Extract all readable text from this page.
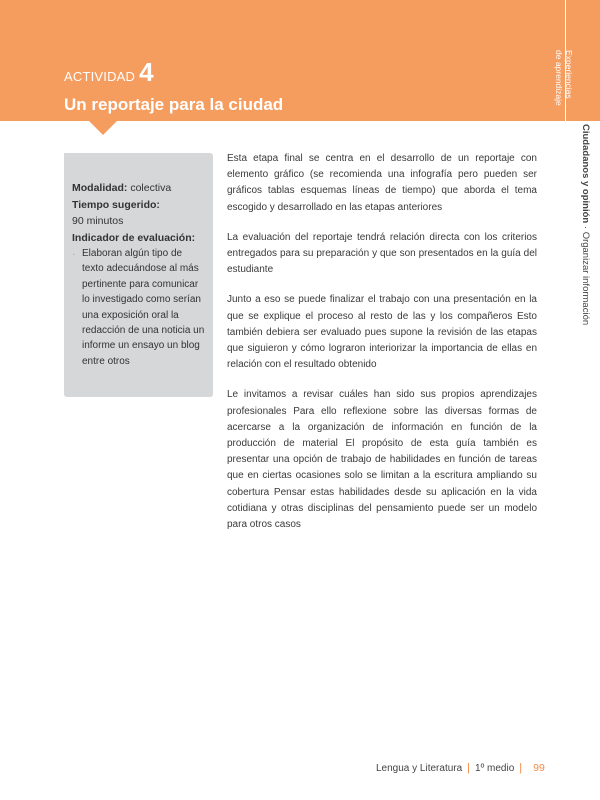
ACTIVIDAD 4
Un reportaje para la ciudad
Experiencias
de aprendizaje
Ciudadanos y opinión · Organizar información
Modalidad: colectiva
Tiempo sugerido:
90 minutos
Indicador de evaluación:
· Elaboran algún tipo de texto adecuándose al más pertinente para comunicar lo investigado como serían una exposición oral la redacción de una noticia un informe un ensayo un blog entre otros

Esta etapa final se centra en el desarrollo de un reportaje con elemento gráfico (se recomienda una infografía pero pueden ser gráficos tablas esquemas líneas de tiempo) que aborda el tema escogido y desarrollado en las etapas anteriores

La evaluación del reportaje tendrá relación directa con los criterios entregados para su preparación y que son presentados en la guía del estudiante

Junto a eso se puede finalizar el trabajo con una presentación en la que se explique el proceso al resto de las y los compañeros Esto también debiera ser evaluado pues supone la revisión de las etapas que siguieron y cómo lograron interiorizar la importancia de ellas en relación con el resultado obtenido

Le invitamos a revisar cuáles han sido sus propios aprendizajes profesionales Para ello reflexione sobre las diversas formas de acercarse a la organización de información en función de la producción de material El propósito de esta guía también es presentar una opción de trabajo de habilidades en función de tareas que en ciertas ocasiones solo se limitan a la escritura ampliando su cobertura Pensar estas habilidades desde su aplicación en la vida cotidiana y otras disciplinas del pensamiento puede ser un modelo para otros casos

Lengua y Literatura | 1º medio | 99
